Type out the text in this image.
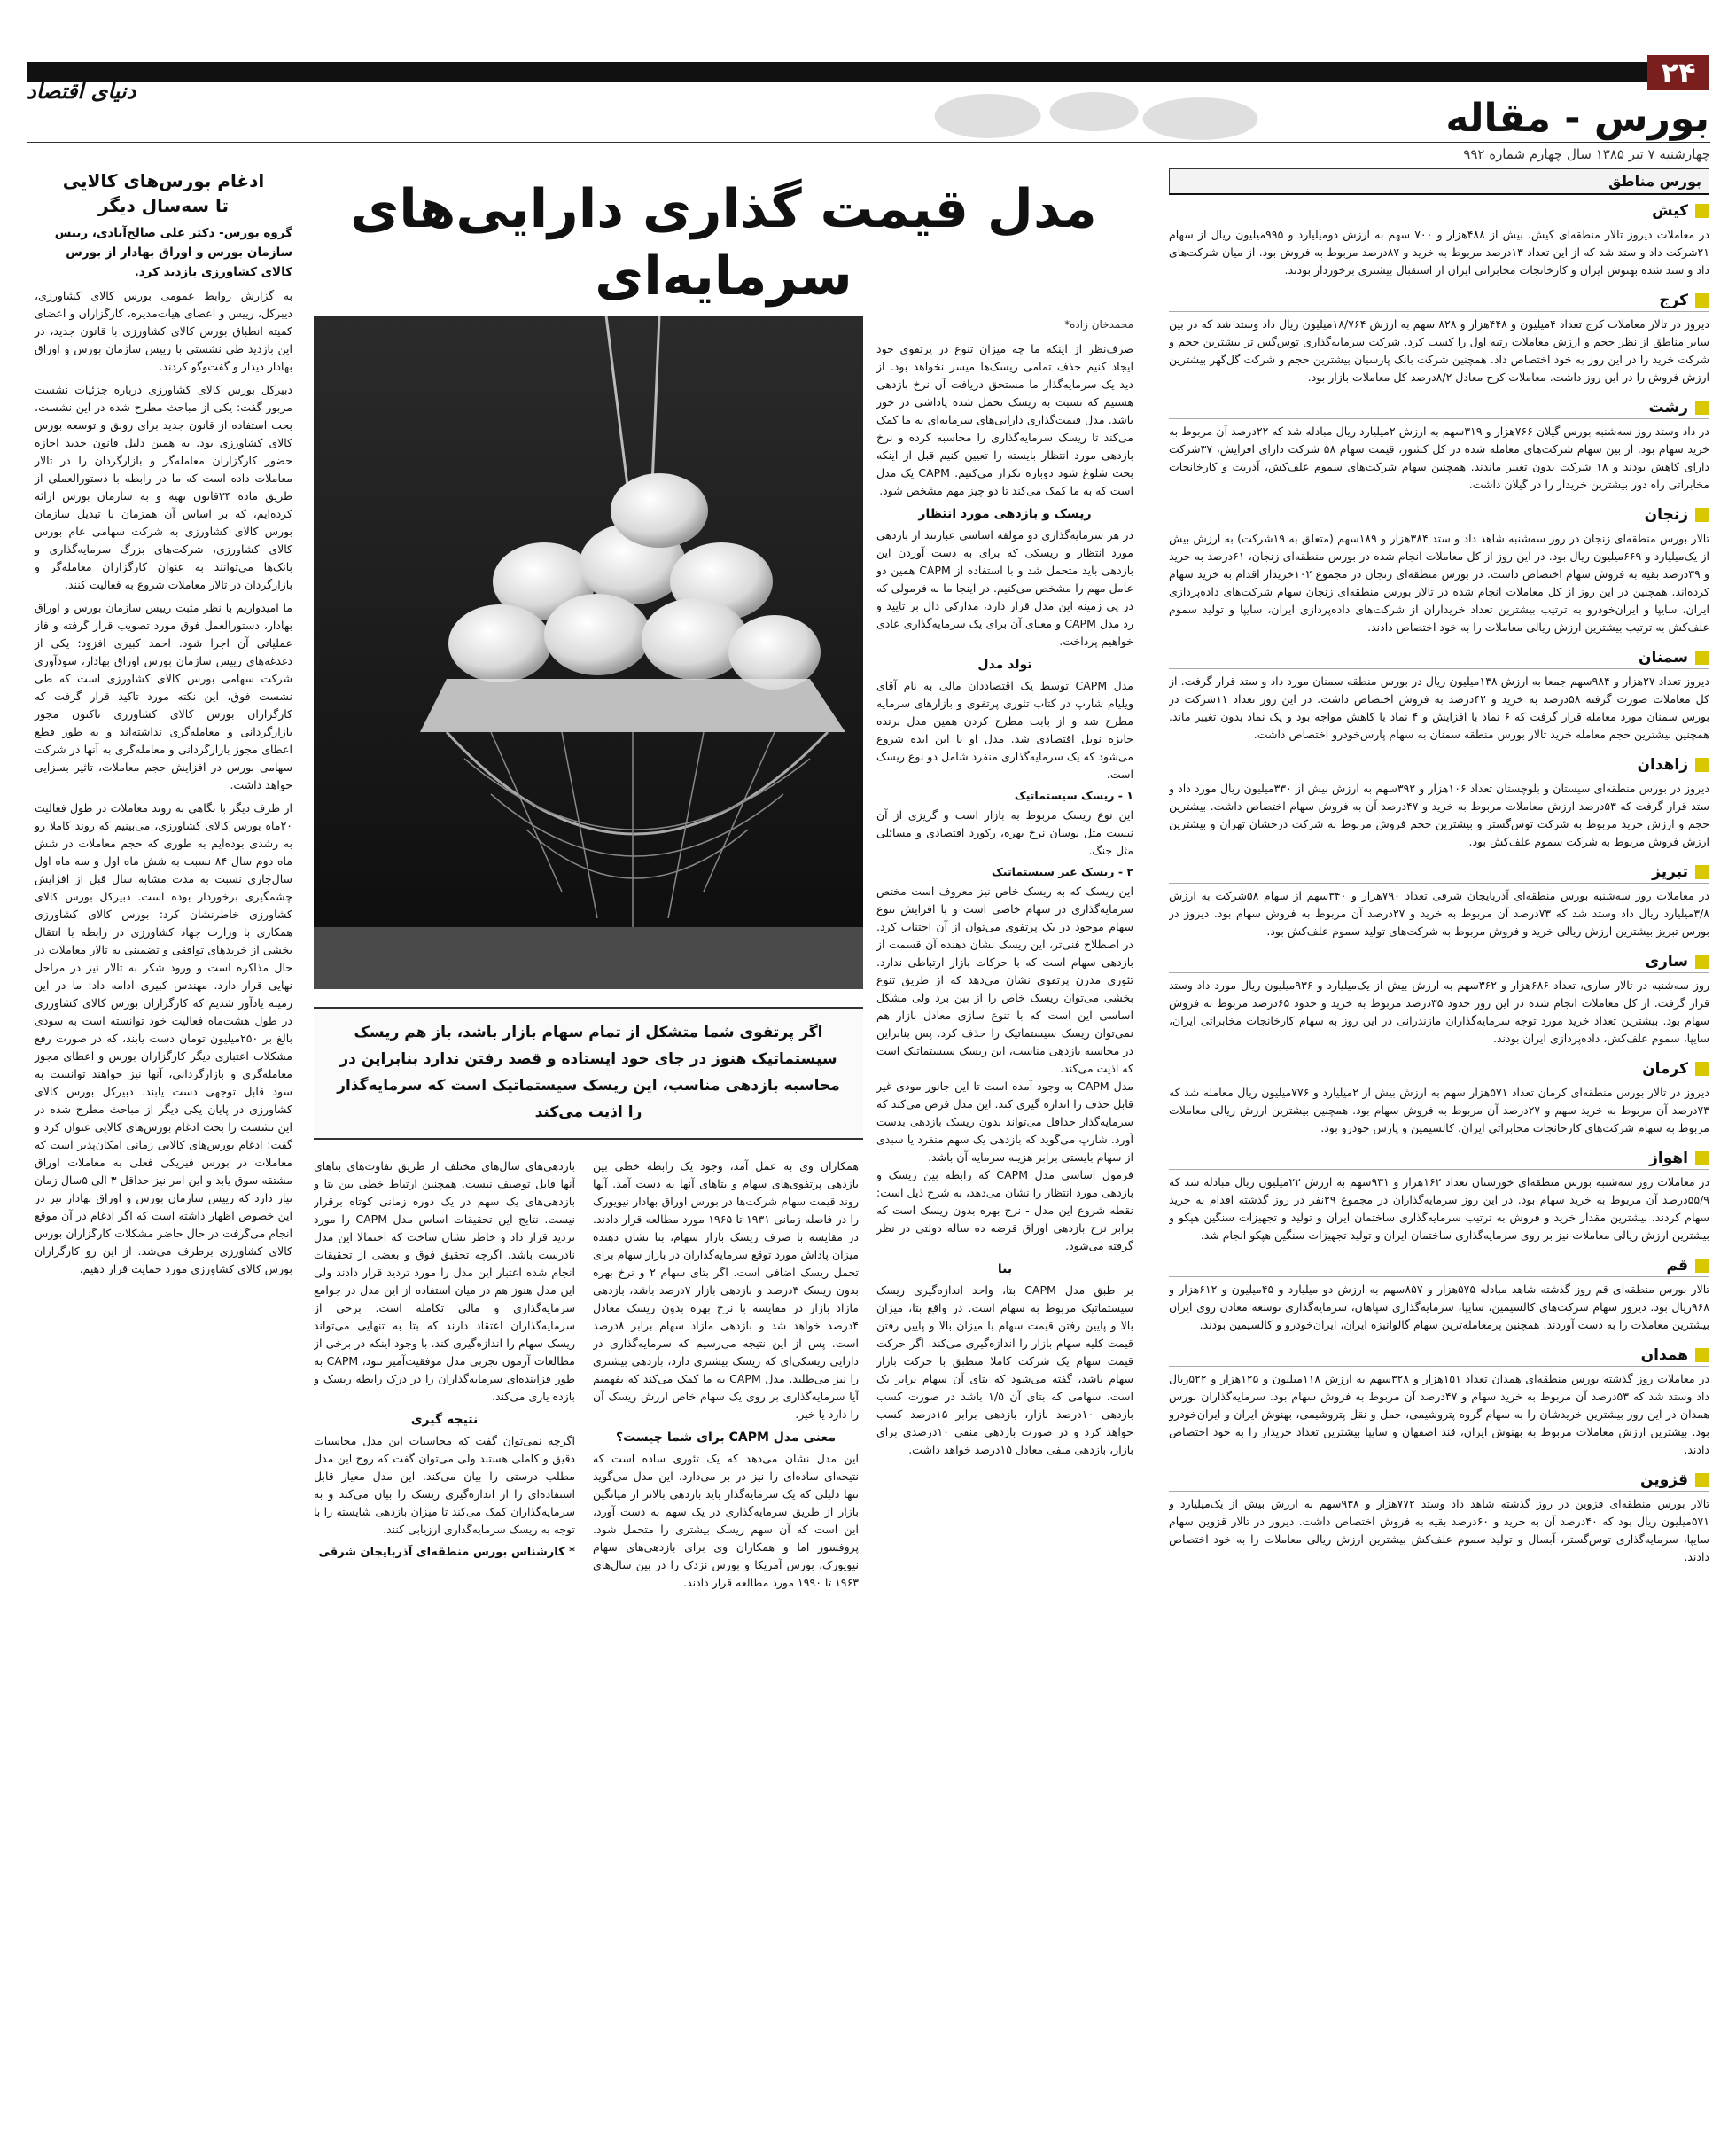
۲۴
دنیای اقتصاد
بورس - مقاله
چهارشنبه ۷ تیر ۱۳۸۵ سال چهارم شماره ۹۹۲
بورس مناطق
کیش
در معاملات دیروز تالار منطقه‌ای کیش، بیش از ۴۸۸هزار و ۷۰۰ سهم به ارزش دومیلیارد و ۹۹۵میلیون ریال از سهام ۲۱شرکت داد و ستد شد که از این تعداد ۱۳درصد مربوط به خرید و ۸۷درصد مربوط به فروش بود. از میان شرکت‌های داد و ستد شده بهنوش ایران و کارخانجات مخابراتی ایران از استقبال بیشتری برخوردار بودند.
کرج
دیروز در تالار معاملات کرج تعداد ۴میلیون و ۴۴۸هزار و ۸۲۸ سهم به ارزش ۱۸/۷۶۴میلیون ریال داد وستد شد که در بین سایر مناطق از نظر حجم و ارزش معاملات رتبه اول را کسب کرد. شرکت سرمایه‌گذاری توس‌گس تر بیشترین حجم و شرکت خرید را در این روز به خود اختصاص داد. همچنین شرکت بانک پارسیان بیشترین حجم و شرکت گل‌گهر بیشترین ارزش فروش را در این روز داشت. معاملات کرج معادل ۸/۲درصد کل معاملات بازار بود.
رشت
در داد وستد روز سه‌شنبه بورس گیلان ۷۶۶هزار و ۳۱۹سهم به ارزش ۲میلیارد ریال مبادله شد که ۲۲درصد آن مربوط به خرید سهام بود. از بین سهام شرکت‌های معامله شده در کل کشور، قیمت سهام ۵۸ شرکت دارای افزایش، ۳۷شرکت دارای کاهش بودند و ۱۸ شرکت بدون تغییر ماندند. همچنین سهام شرکت‌های سموم علف‌کش، آذریت و کارخانجات مخابراتی راه دور بیشترین خریدار را در گیلان داشت.
زنجان
تالار بورس منطقه‌ای زنجان در روز سه‌شنبه شاهد داد و ستد ۳۸۴هزار و ۱۸۹سهم (متعلق به ۱۹شرکت) به ارزش بیش از یک‌میلیارد و ۶۶۹میلیون ریال بود. در این روز از کل معاملات انجام شده در بورس منطقه‌ای زنجان، ۶۱درصد به خرید و ۳۹درصد بقیه به فروش سهام اختصاص داشت. در بورس منطقه‌ای زنجان در مجموع ۱۰۲خریدار اقدام به خرید سهام کرده‌اند. همچنین در این روز از کل معاملات انجام شده در تالار بورس منطقه‌ای زنجان سهام شرکت‌های داده‌پردازی ایران، سایپا و ایران‌خودرو به ترتیب بیشترین تعداد خریداران از شرکت‌های داده‌پردازی ایران، سایپا و تولید سموم علف‌کش به ترتیب بیشترین ارزش ریالی معاملات را به خود اختصاص دادند.
سمنان
دیروز تعداد ۲۷هزار و ۹۸۴سهم جمعا به ارزش ۱۳۸میلیون ریال در بورس منطقه سمنان مورد داد و ستد قرار گرفت. از کل معاملات صورت گرفته ۵۸درصد به خرید و ۴۲درصد به فروش اختصاص داشت. در این روز تعداد ۱۱شرکت در بورس سمنان مورد معامله قرار گرفت که ۶ نماد با افزایش و ۴ نماد با کاهش مواجه بود و یک نماد بدون تغییر ماند. همچنین بیشترین حجم معامله خرید تالار بورس منطقه سمنان به سهام پارس‌خودرو اختصاص داشت.
زاهدان
دیروز در بورس منطقه‌ای سیستان و بلوچستان تعداد ۱۰۶هزار و ۳۹۲سهم به ارزش بیش از ۳۳۰میلیون ریال مورد داد و ستد قرار گرفت که ۵۳درصد ارزش معاملات مربوط به خرید و ۴۷درصد آن به فروش سهام اختصاص داشت. بیشترین حجم و ارزش خرید مربوط به شرکت توس‌گستر و بیشترین حجم فروش مربوط به شرکت درخشان تهران و بیشترین ارزش فروش مربوط به شرکت سموم علف‌کش بود.
تبریز
در معاملات روز سه‌شنبه بورس منطقه‌ای آذربایجان شرقی تعداد ۷۹۰هزار و ۳۴۰سهم از سهام ۵۸شرکت به ارزش ۳/۸میلیارد ریال داد وستد شد که ۷۳درصد آن مربوط به خرید و ۲۷درصد آن مربوط به فروش سهام بود. دیروز در بورس تبریز بیشترین ارزش ریالی خرید و فروش مربوط به شرکت‌های تولید سموم علف‌کش بود.
ساری
روز سه‌شنبه در تالار ساری، تعداد ۶۸۶هزار و ۳۶۲سهم به ارزش بیش از یک‌میلیارد و ۹۳۶میلیون ریال مورد داد وستد قرار گرفت. از کل معاملات انجام شده در این روز حدود ۳۵درصد مربوط به خرید و حدود ۶۵درصد مربوط به فروش سهام بود. بیشترین تعداد خرید مورد توجه سرمایه‌گذاران مازندرانی در این روز به سهام کارخانجات مخابراتی ایران، سایپا، سموم علف‌کش، داده‌پردازی ایران بودند.
کرمان
دیروز در تالار بورس منطقه‌ای کرمان تعداد ۵۷۱هزار سهم به ارزش بیش از ۲میلیارد و ۷۷۶میلیون ریال معامله شد که ۷۳درصد آن مربوط به خرید سهم و ۲۷درصد آن مربوط به فروش سهام بود. همچنین بیشترین ارزش ریالی معاملات مربوط به سهام شرکت‌های کارخانجات مخابراتی ایران، کالسیمین و پارس خودرو بود.
اهواز
در معاملات روز سه‌شنبه بورس منطقه‌ای خوزستان تعداد ۱۶۲هزار و ۹۳۱سهم به ارزش ۲۲میلیون ریال مبادله شد که ۵۵/۹درصد آن مربوط به خرید سهام بود. در این روز سرمایه‌گذاران در مجموع ۲۹نفر در روز گذشته اقدام به خرید سهام کردند. بیشترین مقدار خرید و فروش به ترتیب سرمایه‌گذاری ساختمان ایران و تولید و تجهیزات سنگین هپکو و بیشترین ارزش ریالی معاملات نیز بر روی سرمایه‌گذاری ساختمان ایران و تولید تجهیزات سنگین هپکو انجام شد.
قم
تالار بورس منطقه‌ای قم روز گذشته شاهد مبادله ۵۷۵هزار و ۸۵۷سهم به ارزش دو میلیارد و ۴۵میلیون و ۶۱۲هزار و ۹۶۸ریال بود. دیروز سهام شرکت‌های کالسیمین، سایپا، سرمایه‌گذاری سپاهان، سرمایه‌گذاری توسعه معادن روی ایران بیشترین معاملات را به دست آوردند. همچنین پرمعامله‌ترین سهام گالوانیزه ایران، ایران‌خودرو و کالسیمین بودند.
همدان
در معاملات روز گذشته بورس منطقه‌ای همدان تعداد ۱۵۱هزار و ۳۲۸سهم به ارزش ۱۱۸میلیون و ۱۲۵هزار و ۵۲۲ریال داد وستد شد که ۵۳درصد آن مربوط به خرید سهام و ۴۷درصد آن مربوط به فروش سهام بود. سرمایه‌گذاران بورس همدان در این روز بیشترین خریدشان را به سهام گروه پتروشیمی، حمل و نقل پتروشیمی، بهنوش ایران و ایران‌خودرو بود. بیشترین ارزش معاملات مربوط به بهنوش ایران، قند اصفهان و سایپا بیشترین تعداد خریدار را به خود اختصاص دادند.
قزوین
تالار بورس منطقه‌ای قزوین در روز گذشته شاهد داد وستد ۷۷۲هزار و ۹۳۸سهم به ارزش بیش از یک‌میلیارد و ۵۷۱میلیون ریال بود که ۴۰درصد آن به خرید و ۶۰درصد بقیه به فروش اختصاص داشت. دیروز در تالار قزوین سهام سایپا، سرمایه‌گذاری توس‌گستر، آبسال و تولید سموم علف‌کش بیشترین ارزش ریالی معاملات را به خود اختصاص دادند.
مدل قیمت گذاری دارایی‌های سرمایه‌ای
محمدخان زاده*

صرف‌نظر از اینکه ما چه میزان تنوع در پرتفوی خود ایجاد کنیم حذف تمامی ریسک‌ها میسر نخواهد بود. از دید یک سرمایه‌گذار ما مستحق دریافت آن نرخ بازدهی هستیم که نسبت به ریسک تحمل شده پاداشی در خور باشد. مدل قیمت‌گذاری دارایی‌های سرمایه‌ای به ما کمک می‌کند تا ریسک سرمایه‌گذاری را محاسبه کرده و نرخ بازدهی مورد انتظار بایسته را تعیین کنیم قبل از اینکه بحث شلوغ شود دوباره تکرار می‌کنیم. CAPM یک مدل است که به ما کمک می‌کند تا دو چیز مهم مشخص شود.

ریسک و بازدهی مورد انتظار

در هر سرمایه‌گذاری دو مولفه اساسی عبارتند از بازدهی مورد انتظار و ریسکی که برای به دست آوردن این بازدهی باید متحمل شد و با استفاده از CAPM همین دو عامل مهم را مشخص می‌کنیم. در اینجا ما به فرمولی که در پی زمینه این مدل قرار دارد، مدارکی دال بر تایید و رد مدل CAPM و معنای آن برای یک سرمایه‌گذاری عادی خواهیم پرداخت.

تولد مدل

مدل CAPM توسط یک اقتصاددان مالی به نام آقای ویلیام شارپ در کتاب تئوری پرتفوی و بازارهای سرمایه مطرح شد و از بابت مطرح کردن همین مدل برنده جایزه نوبل اقتصادی شد. مدل او با این ایده شروع می‌شود که یک سرمایه‌گذاری منفرد شامل دو نوع ریسک است.

۱ - ریسک سیستماتیک

این نوع ریسک مربوط به بازار است و گریزی از آن نیست مثل نوسان نرخ بهره، رکورد اقتصادی و مسائلی مثل جنگ.

۲ - ریسک غیر سیستماتیک

این ریسک که به ریسک خاص نیز معروف است مختص سرمایه‌گذاری در سهام خاصی است و با افزایش تنوع سهام موجود در یک پرتفوی می‌توان از آن اجتناب کرد. در اصطلاح فنی‌تر، این ریسک نشان دهنده آن قسمت از بازدهی سهام است که با حرکات بازار ارتباطی ندارد. تئوری مدرن پرتفوی نشان می‌دهد که از طریق تنوع بخشی می‌توان ریسک خاص را از بین برد ولی مشکل اساسی این است که با تنوع سازی معادل بازار هم نمی‌توان ریسک سیستماتیک را حذف کرد. پس بنابراین در محاسبه بازدهی مناسب، این ریسک سیستماتیک است که اذیت می‌کند.

مدل CAPM به وجود آمده است تا این جانور موذی غیر قابل حذف را اندازه گیری کند. این مدل فرض می‌کند که سرمایه‌گذار حداقل می‌تواند بدون ریسک بازدهی بدست آورد. شارپ می‌گوید که بازدهی یک سهم منفرد یا سبدی از سهام بایستی برابر هزینه سرمایه آن باشد.

فرمول اساسی مدل CAPM که رابطه بین ریسک و بازدهی مورد انتظار را نشان می‌دهد، به شرح ذیل است: نقطه شروع این مدل - نرخ بهره بدون ریسک است که برابر نرخ بازدهی اوراق قرضه ده ساله دولتی در نظر گرفته می‌شود.

بتا

بر طبق مدل CAPM بتا، واحد اندازه‌گیری ریسک سیستماتیک مربوط به سهام است. در واقع بتا، میزان بالا و پایین رفتن قیمت سهام با میزان بالا و پایین رفتن قیمت کلیه سهام بازار را اندازه‌گیری می‌کند. اگر حرکت قیمت سهام یک شرکت کاملا منطبق با حرکت بازار سهام باشد، گفته می‌شود که بتای آن سهام برابر یک است. سهامی که بتای آن ۱/۵ باشد در صورت کسب بازدهی ۱۰درصد بازار، بازدهی برابر ۱۵درصد کسب خواهد کرد و در صورت بازدهی منفی ۱۰درصدی برای بازار، بازدهی منفی معادل ۱۵درصد خواهد داشت.

اگر پرتفوی شما متشکل از تمام سهام بازار باشد، باز هم ریسک سیستماتیک هنوز در جای خود ایستاده و قصد رفتن ندارد بنابراین در محاسبه بازدهی مناسب، این ریسک سیستماتیک است که سرمایه‌گذار را اذیت می‌کند

همکاران وی به عمل آمد، وجود یک رابطه خطی بین بازدهی پرتفوی‌های سهام و بتاهای آنها به دست آمد. آنها روند قیمت سهام شرکت‌ها در بورس اوراق بهادار نیویورک را در فاصله زمانی ۱۹۳۱ تا ۱۹۶۵ مورد مطالعه قرار دادند. در مقایسه با صرف ریسک بازار سهام، بتا نشان دهنده میزان پاداش مورد توقع سرمایه‌گذاران در بازار سهام برای تحمل ریسک اضافی است. اگر بتای سهام ۲ و نرخ بهره بدون ریسک ۳درصد و بازدهی بازار ۷درصد باشد، بازدهی مازاد بازار در مقایسه با نرخ بهره بدون ریسک معادل ۴درصد خواهد شد و بازدهی مازاد سهام برابر ۸درصد است. پس از این نتیجه می‌رسیم که سرمایه‌گذاری در دارایی ریسکی‌ای که ریسک بیشتری دارد، بازدهی بیشتری را نیز می‌طلبد. مدل CAPM به ما کمک می‌کند که بفهمیم آیا سرمایه‌گذاری بر روی یک سهام خاص ارزش ریسک آن را دارد یا خیر.

معنی مدل CAPM برای شما چیست؟

این مدل نشان می‌دهد که یک تئوری ساده است که نتیجه‌ای ساده‌ای را نیز در بر می‌دارد. این مدل می‌گوید تنها دلیلی که یک سرمایه‌گذار باید بازدهی بالاتر از میانگین بازار از طریق سرمایه‌گذاری در یک سهم به دست آورد، این است که آن سهم ریسک بیشتری را متحمل شود. پروفسور اما و همکاران وی برای بازدهی‌های سهام نیویورک، بورس آمریکا و بورس نزدک را در بین سال‌های ۱۹۶۳ تا ۱۹۹۰ مورد مطالعه قرار دادند.

بازدهی‌های سال‌های مختلف از طریق تفاوت‌های بتاهای آنها قابل توصیف نیست. همچنین ارتباط خطی بین بتا و بازدهی‌های یک سهم در یک دوره زمانی کوتاه برقرار نیست. نتایج این تحقیقات اساس مدل CAPM را مورد تردید قرار داد و خاطر نشان ساخت که احتمالا این مدل نادرست باشد. اگرچه تحقیق فوق و بعضی از تحقیقات انجام شده اعتبار این مدل را مورد تردید قرار دادند ولی این مدل هنوز هم در میان استفاده از این مدل در جوامع سرمایه‌گذاری و مالی تکامله است. برخی از سرمایه‌گذاران اعتقاد دارند که بتا به تنهایی می‌تواند ریسک سهام را اندازه‌گیری کند. با وجود اینکه در برخی از مطالعات آزمون تجربی مدل موفقیت‌آمیز نبود، CAPM به طور فزاینده‌ای سرمایه‌گذاران را در درک رابطه ریسک و بازده یاری می‌کند.

نتیجه گیری

اگرچه نمی‌توان گفت که محاسبات این مدل محاسبات دقیق و کاملی هستند ولی می‌توان گفت که روح این مدل مطلب درستی را بیان می‌کند. این مدل معیار قابل استفاده‌ای را از اندازه‌گیری ریسک را بیان می‌کند و به سرمایه‌گذاران کمک می‌کند تا میزان بازدهی شایسته را با توجه به ریسک سرمایه‌گذاری ارزیابی کنند.

* کارشناس بورس منطقه‌ای آذربایجان شرقی
ادغام بورس‌های کالایی
تا سه‌سال دیگر
گروه بورس- دکتر علی صالح‌آبادی، رییس سازمان بورس و اوراق بهادار از بورس کالای کشاورزی بازدید کرد.

به گزارش روابط عمومی بورس کالای کشاورزی، دیبرکل، رییس و اعضای هیات‌مدیره، کارگزاران و اعضای کمیته انطباق بورس کالای کشاورزی با قانون جدید، در این بازدید طی نشستی با رییس سازمان بورس و اوراق بهادار دیدار و گفت‌وگو کردند.

دبیرکل بورس کالای کشاورزی درباره جزئیات نشست مزبور گفت: یکی از مباحث مطرح شده در این نشست، بحث استفاده از قانون جدید برای رونق و توسعه بورس کالای کشاورزی بود. به همین دلیل قانون جدید اجازه حضور کارگزاران معامله‌گر و بازارگردان را در تالار معاملات داده است که ما در رابطه با دستورالعملی از طریق ماده ۳۴قانون تهیه و به سازمان بورس ارائه کرده‌ایم، که بر اساس آن همزمان با تبدیل سازمان بورس کالای کشاورزی به شرکت سهامی عام بورس کالای کشاورزی، شرکت‌های بزرگ سرمایه‌گذاری و بانک‌ها می‌توانند به عنوان کارگزاران معامله‌گر و بازارگردان در تالار معاملات شروع به فعالیت کنند.

ما امیدواریم با نظر مثبت رییس سازمان بورس و اوراق بهادار، دستورالعمل فوق مورد تصویب قرار گرفته و فاز عملیاتی آن اجرا شود. احمد کبیری افزود: یکی از دغدغه‌های رییس سازمان بورس اوراق بهادار، سودآوری شرکت سهامی بورس کالای کشاورزی است که طی نشست فوق، این نکته مورد تاکید قرار گرفت که کارگزاران بورس کالای کشاورزی تاکنون مجوز بازارگردانی و معامله‌گری نداشته‌اند و به طور قطع اعطای مجوز بازارگردانی و معامله‌گری به آنها در شرکت سهامی بورس در افزایش حجم معاملات، تاثیر بسزایی خواهد داشت.

از طرف دیگر با نگاهی به روند معاملات در طول فعالیت ۲۰ماه بورس کالای کشاورزی، می‌بینیم که روند کاملا رو به رشدی بوده‌ایم به طوری که حجم معاملات در شش ماه دوم سال ۸۴ نسبت به شش ماه اول و سه ماه اول سال‌جاری نسبت به مدت مشابه سال قبل از افزایش چشمگیری برخوردار بوده است. دبیرکل بورس کالای کشاورزی خاطرنشان کرد: بورس کالای کشاورزی همکاری با وزارت جهاد کشاورزی در رابطه با انتقال بخشی از خریدهای توافقی و تضمینی به تالار معاملات در حال مذاکره است و ورود شکر به تالار نیز در مراحل نهایی قرار دارد. مهندس کبیری ادامه داد: ما در این زمینه یادآور شدیم که کارگزاران بورس کالای کشاورزی در طول هشت‌ماه فعالیت خود توانسته است به سودی بالغ بر ۲۵۰میلیون تومان دست یابند، که در صورت رفع مشکلات اعتباری دیگر کارگزاران بورس و اعطای مجوز معامله‌گری و بازارگردانی، آنها نیز خواهند توانست به سود قابل توجهی دست یابند. دبیرکل بورس کالای کشاورزی در پایان یکی دیگر از مباحث مطرح شده در این نشست را بحث ادغام بورس‌های کالایی عنوان کرد و گفت: ادغام بورس‌های کالایی زمانی امکان‌پذیر است که معاملات در بورس فیزیکی فعلی به معاملات اوراق مشتقه سوق یابد و این امر نیز حداقل ۳ الی ۵سال زمان نیاز دارد که رییس سازمان بورس و اوراق بهادار نیز در این خصوص اظهار داشته است که اگر ادغام در آن موقع انجام می‌گرفت در حال حاضر مشکلات کارگزاران بورس کالای کشاورزی برطرف می‌شد. از این رو کارگزاران بورس کالای کشاورزی مورد حمایت قرار دهیم.
